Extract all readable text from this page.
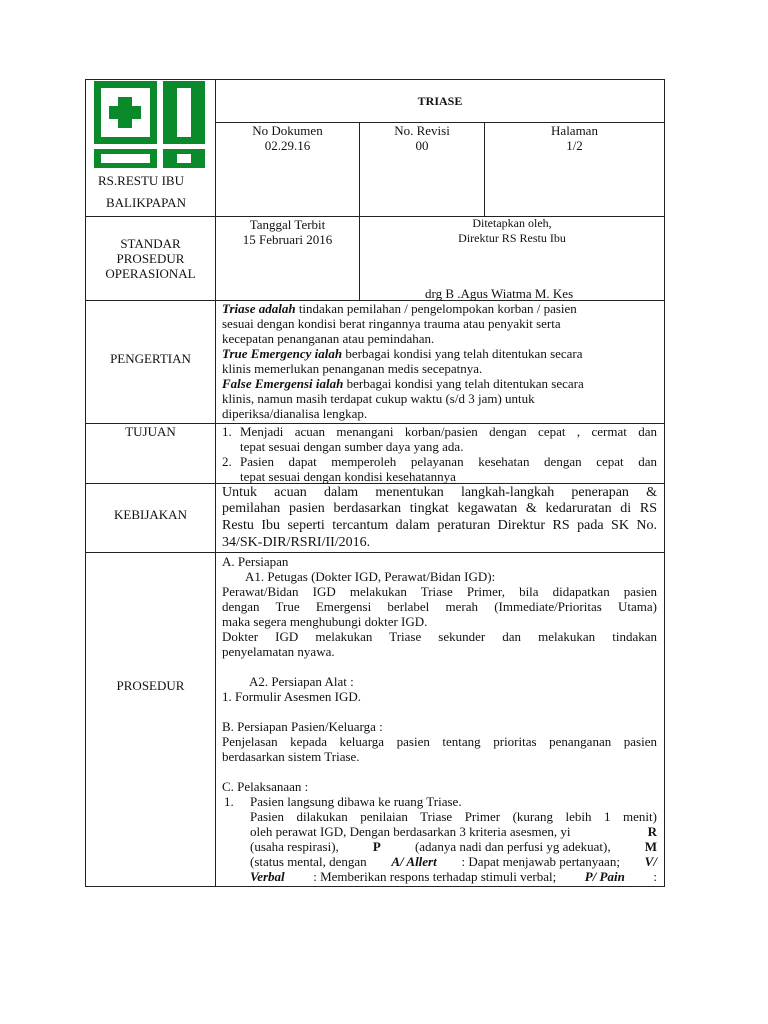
RS.RESTU IBU
BALIKPAPAN
TRIASE
No Dokumen
02.29.16
No. Revisi
00
Halaman
1/2
STANDAR
PROSEDUR
OPERASIONAL
Tanggal Terbit
15 Februari 2016
Ditetapkan oleh,
Direktur RS Restu Ibu
drg B .Agus Wiatma M. Kes
PENGERTIAN
Triase adalah tindakan pemilahan / pengelompokan korban / pasien
sesuai dengan kondisi berat ringannya trauma atau penyakit serta
kecepatan penanganan atau pemindahan.
True Emergency ialah berbagai kondisi yang telah ditentukan secara
klinis memerlukan penanganan medis secepatnya.
False Emergensi ialah berbagai kondisi yang telah ditentukan secara
klinis, namun masih terdapat cukup waktu (s/d 3 jam) untuk
diperiksa/dianalisa lengkap.
TUJUAN	1. Menjadi acuan menangani korban/pasien dengan cepat , cermat dan
tepat sesuai dengan sumber daya yang ada.
2. Pasien dapat memperoleh pelayanan kesehatan dengan cepat dan
tepat sesuai dengan kondisi kesehatannya
KEBIJAKAN
Untuk acuan dalam menentukan langkah-langkah penerapan &
pemilahan pasien berdasarkan tingkat kegawatan & kedaruratan di RS
Restu Ibu seperti tercantum dalam peraturan Direktur RS pada SK No.
34/SK-DIR/RSRI/II/2016.
PROSEDUR
A. Persiapan
A1. Petugas (Dokter IGD, Perawat/Bidan IGD):
Perawat/Bidan IGD melakukan Triase Primer, bila didapatkan pasien
dengan True Emergensi berlabel merah (Immediate/Prioritas Utama)
maka segera menghubungi dokter IGD.
Dokter IGD melakukan Triase sekunder dan melakukan tindakan
penyelamatan nyawa.
A2. Persiapan Alat :
1. Formulir Asesmen IGD.
B. Persiapan Pasien/Keluarga :
Penjelasan kepada keluarga pasien tentang prioritas penanganan pasien
berdasarkan sistem Triase.
C. Pelaksanaan :
1. Pasien langsung dibawa ke ruang Triase.
Pasien dilakukan penilaian Triase Primer (kurang lebih 1 menit)
oleh perawat IGD, Dengan berdasarkan 3 kriteria asesmen, yi	R
(usaha respirasi),	P	(adanya nadi dan perfusi yg adekuat),	M
(status mental, dengan A/ Allert : Dapat menjawab pertanyaan; V/
Verbal : Memberikan respons terhadap stimuli verbal; P/ Pain :
